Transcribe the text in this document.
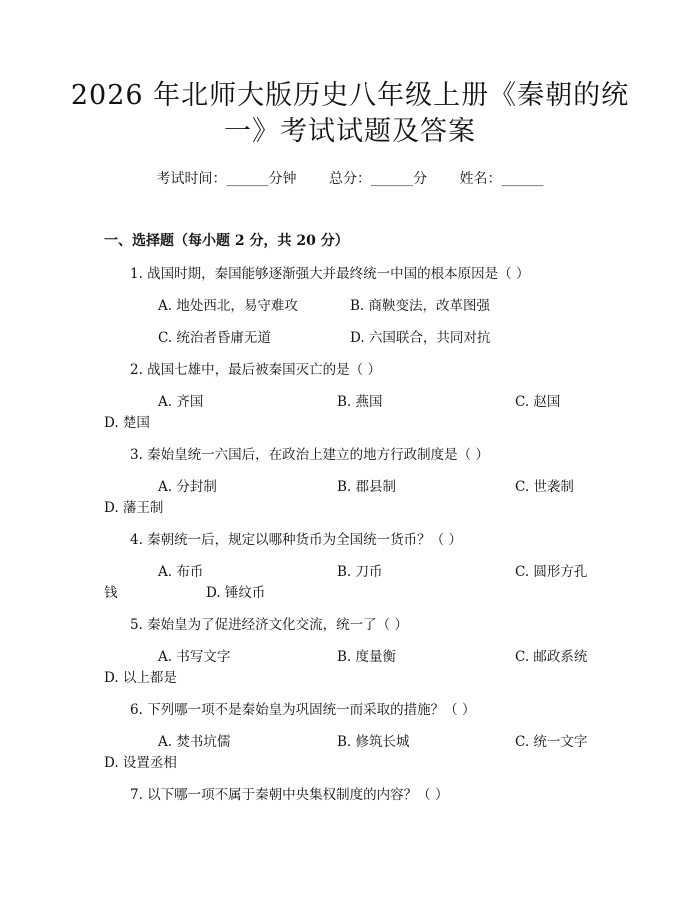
2026 年北师大版历史八年级上册《秦朝的统
一》考试试题及答案
考试时间：______分钟 总分：______分 姓名：______
一、选择题（每小题 2 分，共 20 分）
1. 战国时期，秦国能够逐渐强大并最终统一中国的根本原因是（ ）
A. 地处西北，易守难攻	B. 商鞅变法，改革图强
C. 统治者昏庸无道	D. 六国联合，共同对抗
2. 战国七雄中，最后被秦国灭亡的是（ ）
A. 齐国	B. 燕国	C. 赵国
D. 楚国
3. 秦始皇统一六国后，在政治上建立的地方行政制度是（ ）
A. 分封制	B. 郡县制	C. 世袭制
D. 藩王制
4. 秦朝统一后，规定以哪种货币为全国统一货币？（ ）
A. 布币	B. 刀币	C. 圆形方孔
钱	D. 锤纹币
5. 秦始皇为了促进经济文化交流，统一了（ ）
A. 书写文字	B. 度量衡	C. 邮政系统
D. 以上都是
6. 下列哪一项不是秦始皇为巩固统一而采取的措施？（ ）
A. 焚书坑儒	B. 修筑长城	C. 统一文字
D. 设置丞相
7. 以下哪一项不属于秦朝中央集权制度的内容？（ ）
